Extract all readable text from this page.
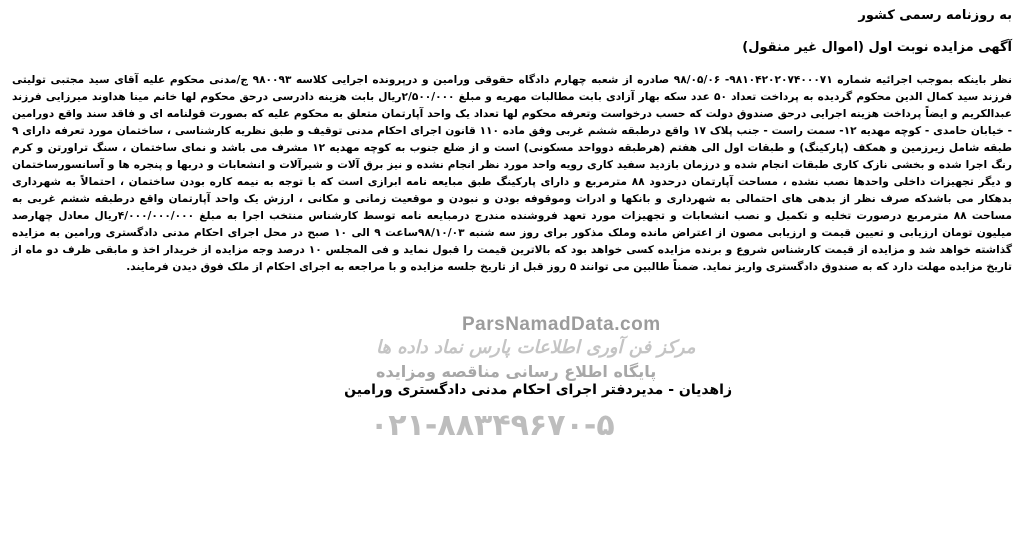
به روزنامه رسمی کشور
آگهی مزایده نوبت اول (اموال غیر منقول)
ParsNamadData.com
مرکز فن آوری اطلاعات پارس نماد داده ها
پایگاه اطلاع رسانی مناقصه ومزایده
۰۲۱-۸۸۳۴۹۶۷۰-۵
نظر باینکه بموجب اجرائیه شماره ۹۸۱۰۴۲۰۲۰۷۴۰۰۰۷۱- ۹۸/۰۵/۰۶ صادره از شعبه چهارم دادگاه حقوقی ورامین و درپرونده اجرایی کلاسه ۹۸۰۰۹۳ ج/مدنی محکوم علیه آقای سید مجتبی تولیتی فرزند سید کمال الدین محکوم گردیده به پرداخت تعداد ۵۰ عدد سکه بهار آزادی بابت مطالبات مهریه و مبلغ ۲/۵۰۰/۰۰۰ریال بابت هزینه دادرسی درحق محکوم لها خانم مینا هداوند میرزایی فرزند عبدالکریم و ایضاً پرداخت هزینه اجرایی درحق صندوق دولت که حسب درخواست وتعرفه محکوم لها تعداد یک واحد آپارتمان متعلق به محکوم علیه که بصورت قولنامه ای و فاقد سند واقع دورامین - خیابان حامدی - کوچه مهدیه ۱۲- سمت راست - جنب پلاک ۱۷ واقع درطبقه ششم غربی وفق ماده ۱۱۰ قانون اجرای احکام مدنی توقیف و طبق نظریه کارشناسی ، ساختمان مورد تعرفه دارای ۹ طبقه شامل زیرزمین و همکف (پارکینگ) و طبقات اول الی هفتم (هرطبقه دوواحد مسکونی) است و از ضلع جنوب به کوچه مهدیه ۱۲ مشرف می باشد و نمای ساختمان ، سنگ تراورتن و کرم رنگ اجرا شده و بخشی نازک کاری طبقات انجام شده و درزمان بازدید سفید کاری رویه واحد مورد نظر انجام نشده و نیز برق آلات و شیرآلات و انشعابات و دربها و پنجره ها و آسانسورساختمان و دیگر تجهیزات داخلی واحدها نصب نشده ، مساحت آپارتمان درحدود ۸۸ مترمربع و دارای پارکینگ طبق مبایعه نامه ابرازی است که با توجه به نیمه کاره بودن ساختمان ، احتمالاً به شهرداری بدهکار می باشدکه صرف نظر از بدهی های احتمالی به شهرداری و بانکها و ادرات وموقوفه بودن و نبودن و موقعیت زمانی و مکانی ، ارزش یک واحد آپارتمان واقع درطبقه ششم غربی به مساحت ۸۸ مترمربع درصورت تخلیه و تکمیل و نصب انشعابات و تجهیزات مورد تعهد فروشنده مندرج درمبایعه نامه توسط کارشناس منتخب اجرا به مبلغ ۴/۰۰۰/۰۰۰/۰۰۰ریال معادل چهارصد میلیون تومان ارزیابی و تعیین قیمت و ارزیابی مصون از اعتراض مانده وملک مذکور برای روز سه شنبه ۹۸/۱۰/۰۳ساعت ۹ الی ۱۰ صبح در محل اجرای احکام مدنی دادگستری ورامین به مزایده گذاشته خواهد شد و مزایده از قیمت کارشناس شروع و برنده مزایده کسی خواهد بود که بالاترین قیمت را قبول نماید و فی المجلس ۱۰ درصد وجه مزایده از خریدار اخذ و مابقی ظرف دو ماه از تاریخ مزایده مهلت دارد که به صندوق دادگستری واریز نماید. ضمناً طالبین می توانند ۵ روز قبل از تاریخ جلسه مزایده و با مراجعه به اجرای احکام از ملک فوق دیدن فرمایند.
زاهدیان - مدیردفتر اجرای احکام مدنی دادگستری ورامین
